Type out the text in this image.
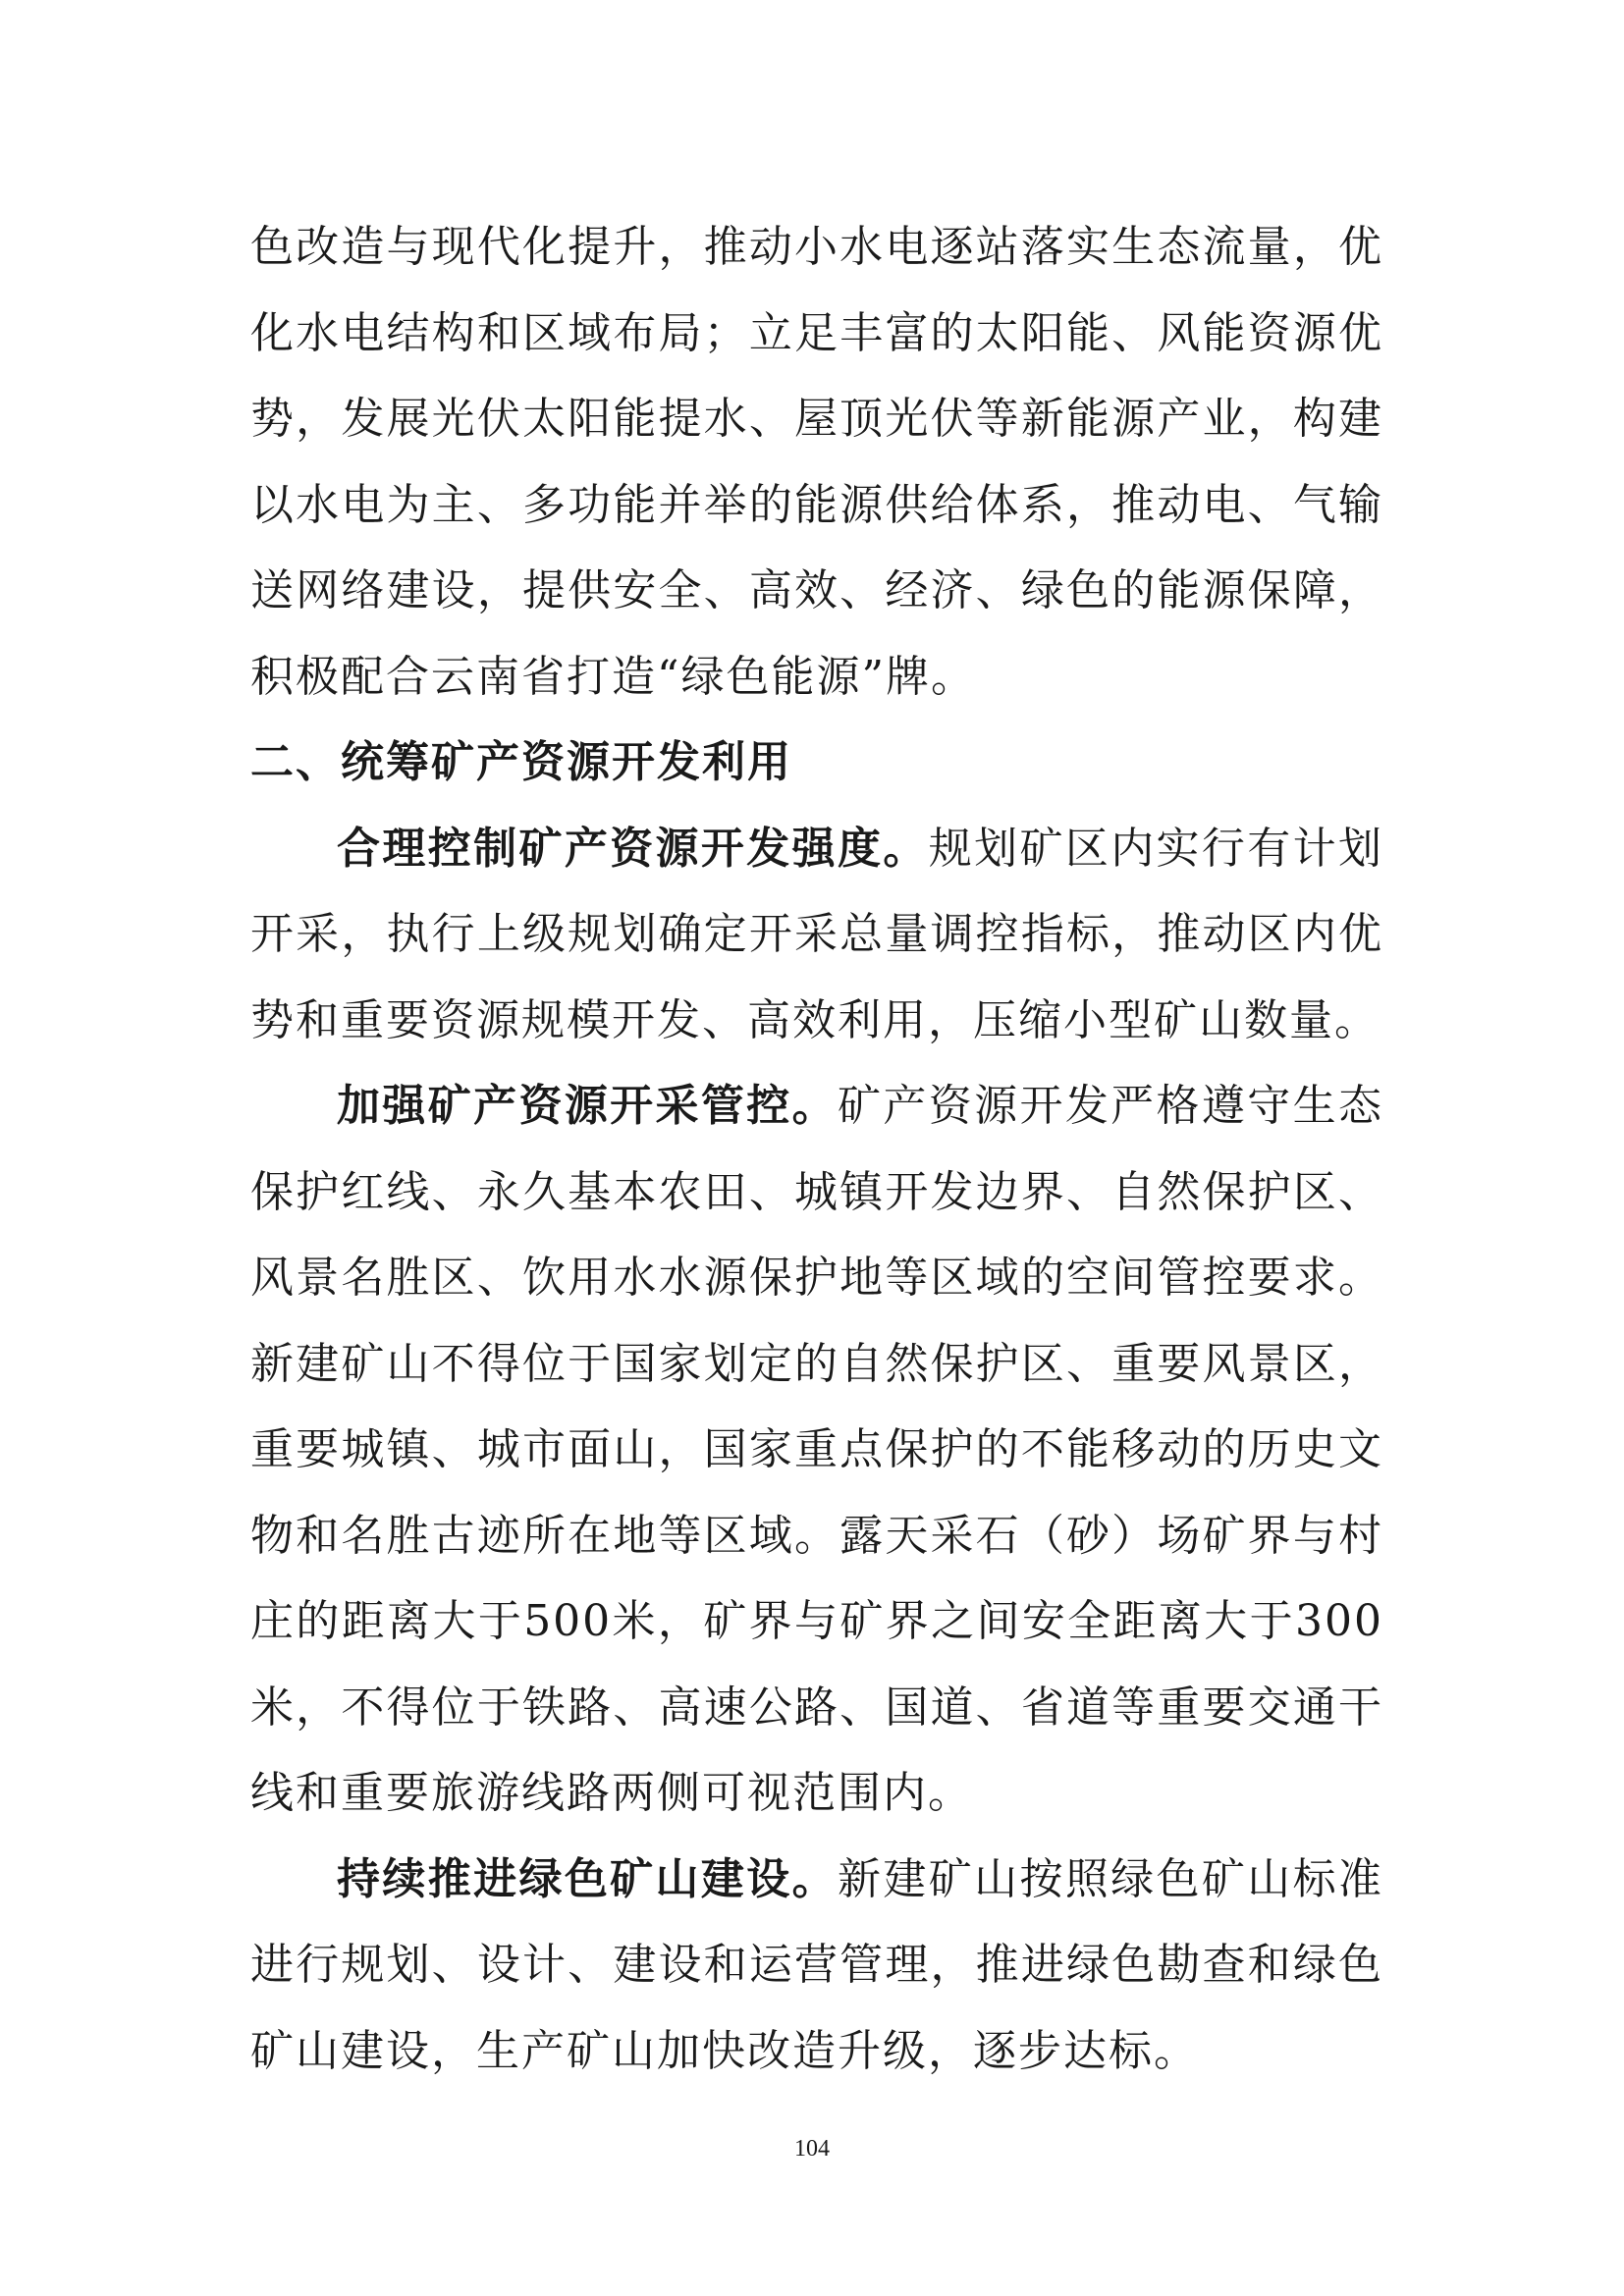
色改造与现代化提升，推动小水电逐站落实生态流量，优化水电结构和区域布局；立足丰富的太阳能、风能资源优势，发展光伏太阳能提水、屋顶光伏等新能源产业，构建以水电为主、多功能并举的能源供给体系，推动电、气输送网络建设，提供安全、高效、经济、绿色的能源保障，积极配合云南省打造“绿色能源”牌。

二、统筹矿产资源开发利用

合理控制矿产资源开发强度。规划矿区内实行有计划开采，执行上级规划确定开采总量调控指标，推动区内优势和重要资源规模开发、高效利用，压缩小型矿山数量。

加强矿产资源开采管控。矿产资源开发严格遵守生态保护红线、永久基本农田、城镇开发边界、自然保护区、风景名胜区、饮用水水源保护地等区域的空间管控要求。新建矿山不得位于国家划定的自然保护区、重要风景区，重要城镇、城市面山，国家重点保护的不能移动的历史文物和名胜古迹所在地等区域。露天采石（砂）场矿界与村庄的距离大于500米，矿界与矿界之间安全距离大于300米，不得位于铁路、高速公路、国道、省道等重要交通干线和重要旅游线路两侧可视范围内。

持续推进绿色矿山建设。新建矿山按照绿色矿山标准进行规划、设计、建设和运营管理，推进绿色勘查和绿色矿山建设，生产矿山加快改造升级，逐步达标。

104
